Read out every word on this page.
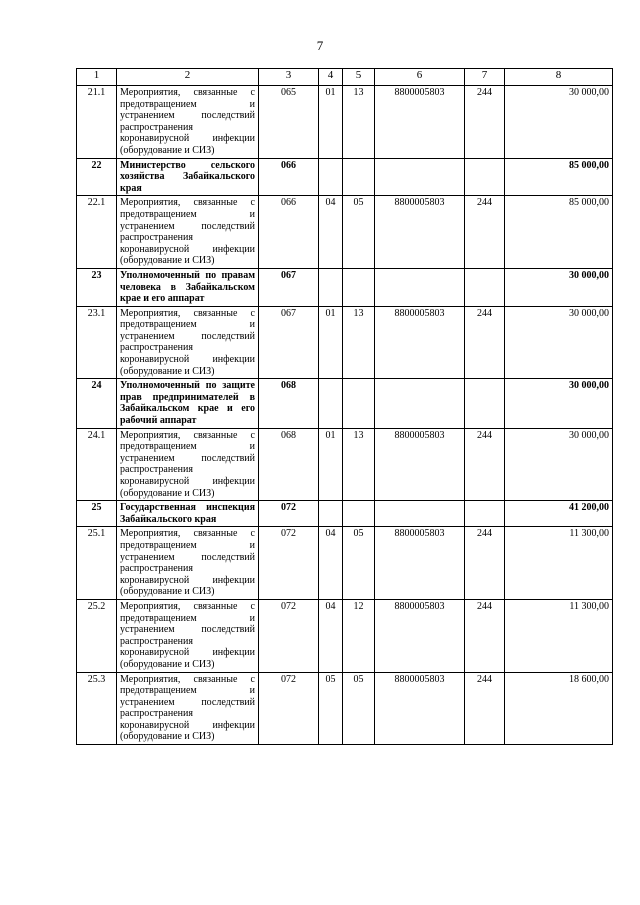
7
1	2	3	4	5	6	7	8
21.1	Мероприятия, связанные с предотвращением и устранением последствий распространения коронавирусной инфекции (оборудование и СИЗ)	065	01	13	8800005803	244	30 000,00
22	Министерство сельского хозяйства Забайкальского края	066					85 000,00
22.1	Мероприятия, связанные с предотвращением и устранением последствий распространения коронавирусной инфекции (оборудование и СИЗ)	066	04	05	8800005803	244	85 000,00
23	Уполномоченный по правам человека в Забайкальском крае и его аппарат	067					30 000,00
23.1	Мероприятия, связанные с предотвращением и устранением последствий распространения коронавирусной инфекции (оборудование и СИЗ)	067	01	13	8800005803	244	30 000,00
24	Уполномоченный по защите прав предпринимателей в Забайкальском крае и его рабочий аппарат	068					30 000,00
24.1	Мероприятия, связанные с предотвращением и устранением последствий распространения коронавирусной инфекции (оборудование и СИЗ)	068	01	13	8800005803	244	30 000,00
25	Государственная инспекция Забайкальского края	072					41 200,00
25.1	Мероприятия, связанные с предотвращением и устранением последствий распространения коронавирусной инфекции (оборудование и СИЗ)	072	04	05	8800005803	244	11 300,00
25.2	Мероприятия, связанные с предотвращением и устранением последствий распространения коронавирусной инфекции (оборудование и СИЗ)	072	04	12	8800005803	244	11 300,00
25.3	Мероприятия, связанные с предотвращением и устранением последствий распространения коронавирусной инфекции (оборудование и СИЗ)	072	05	05	8800005803	244	18 600,00
